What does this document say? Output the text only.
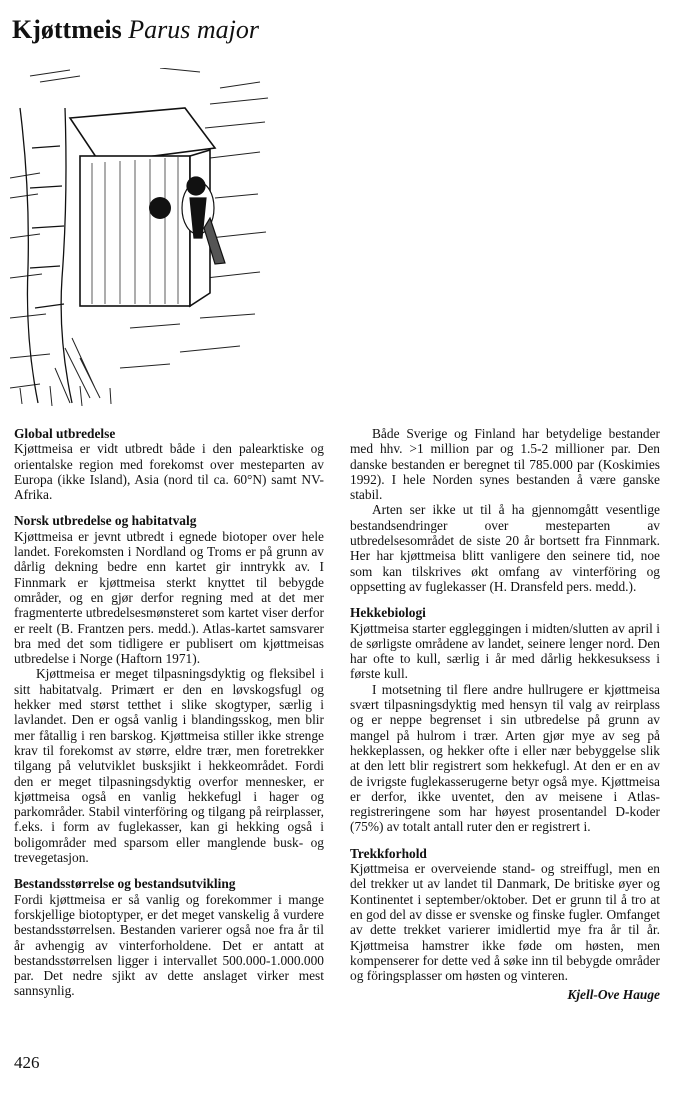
Kjøttmeis Parus major
Global utbredelse

Kjøttmeisa er vidt utbredt både i den palearktiske og orientalske region med forekomst over mesteparten av Europa (ikke Island), Asia (nord til ca. 60°N) samt NV-Afrika.

Norsk utbredelse og habitatvalg

Kjøttmeisa er jevnt utbredt i egnede biotoper over hele landet. Forekomsten i Nordland og Troms er på grunn av dårlig dekning bedre enn kartet gir inntrykk av. I Finnmark er kjøttmeisa sterkt knyttet til bebygde områder, og en gjør derfor regning med at det mer fragmenterte utbredelsesmønsteret som kartet viser derfor er reelt (B. Frantzen pers. medd.). Atlas-kartet samsvarer bra med det som tidligere er publisert om kjøttmeisas utbredelse i Norge (Haftorn 1971).

Kjøttmeisa er meget tilpasningsdyktig og fleksibel i sitt habitatvalg. Primært er den en løvskogsfugl og hekker med størst tetthet i slike skogtyper, særlig i lavlandet. Den er også vanlig i blandingsskog, men blir mer fåtallig i ren barskog. Kjøttmeisa stiller ikke strenge krav til forekomst av større, eldre trær, men foretrekker tilgang på velutviklet busksjikt i hekkeområdet. Fordi den er meget tilpasningsdyktig overfor mennesker, er kjøttmeisa også en vanlig hekkefugl i hager og parkområder. Stabil vinterföring og tilgang på reirplasser, f.eks. i form av fuglekasser, kan gi hekking også i boligområder med sparsom eller manglende busk- og trevegetasjon.

Bestandsstørrelse og bestandsutvikling

Fordi kjøttmeisa er så vanlig og forekommer i mange forskjellige biotoptyper, er det meget vanskelig å vurdere bestandsstørrelsen. Bestanden varierer også noe fra år til år avhengig av vinterforholdene. Det er antatt at bestandsstørrelsen ligger i intervallet 500.000-1.000.000 par. Det nedre sjikt av dette anslaget virker mest sannsynlig.

Både Sverige og Finland har betydelige bestander med hhv. >1 million par og 1.5-2 millioner par. Den danske bestanden er beregnet til 785.000 par (Koskimies 1992). I hele Norden synes bestanden å være ganske stabil.

Arten ser ikke ut til å ha gjennomgått vesentlige bestandsendringer over mesteparten av utbredelsesområdet de siste 20 år bortsett fra Finnmark. Her har kjøttmeisa blitt vanligere den seinere tid, noe som kan tilskrives økt omfang av vinterföring og oppsetting av fuglekasser (H. Dransfeld pers. medd.).

Hekkebiologi

Kjøttmeisa starter eggleggingen i midten/slutten av april i de sørligste områdene av landet, seinere lenger nord. Den har ofte to kull, særlig i år med dårlig hekkesuksess i første kull.

I motsetning til flere andre hullrugere er kjøttmeisa svært tilpasningsdyktig med hensyn til valg av reirplass og er neppe begrenset i sin utbredelse på grunn av mangel på hulrom i trær. Arten gjør mye av seg på hekkeplassen, og hekker ofte i eller nær bebyggelse slik at den lett blir registrert som hekkefugl. At den er en av de ivrigste fuglekasserugerne betyr også mye. Kjøttmeisa er derfor, ikke uventet, den av meisene i Atlas-registreringene som har høyest prosentandel D-koder (75%) av totalt antall ruter den er registrert i.

Trekkforhold

Kjøttmeisa er overveiende stand- og streiffugl, men en del trekker ut av landet til Danmark, De britiske øyer og Kontinentet i september/oktober. Det er grunn til å tro at en god del av disse er svenske og finske fugler. Omfanget av dette trekket varierer imidlertid mye fra år til år. Kjøttmeisa hamstrer ikke føde om høsten, men kompenserer for dette ved å søke inn til bebygde områder og föringsplasser om høsten og vinteren.

Kjell-Ove Hauge
426
